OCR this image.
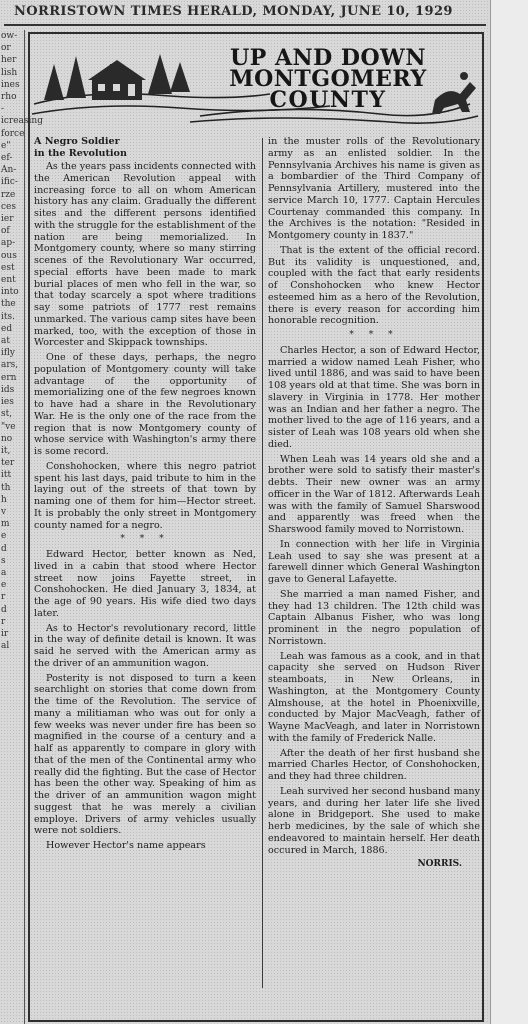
NORRISTOWN TIMES HERALD, MONDAY, JUNE 10, 1929
ow-
or
her
lish
ines
rho
-
icreasing
force
e"
ef-
An-
ific-
rze
ces
ier
of
ap-
ous
est
ent
into
the
its.
ed
at
ifly
ars,
ern
ids
ies
st,
"ve
no
it,
ter
itt
th
h
v
m
e
d
s
a
e
r
d
r
ir
al
UP AND DOWN
MONTGOMERY
COUNTY
A Negro Soldier
in the Revolution

As the years pass incidents connected with the American Revolution appeal with increasing force to all on whom American history has any claim. Gradually the different sites and the different persons identified with the struggle for the establishment of the nation are being memorialized. In Montgomery county, where so many stirring scenes of the Revolutionary War occurred, special efforts have been made to mark burial places of men who fell in the war, so that today scarcely a spot where traditions say some patriots of 1777 rest remains unmarked. The various camp sites have been marked, too, with the exception of those in Worcester and Skippack townships.

One of these days, perhaps, the negro population of Montgomery county will take advantage of the opportunity of memorializing one of the few negroes known to have had a share in the Revolutionary War. He is the only one of the race from the region that is now Montgomery county of whose service with Washington's army there is some record.

Conshohocken, where this negro patriot spent his last days, paid tribute to him in the laying out of the streets of that town by naming one of them for him—Hector street. It is probably the only street in Montgomery county named for a negro.

* * *

Edward Hector, better known as Ned, lived in a cabin that stood where Hector street now joins Fayette street, in Conshohocken. He died January 3, 1834, at the age of 90 years. His wife died two days later.

As to Hector's revolutionary record, little in the way of definite detail is known. It was said he served with the American army as the driver of an ammunition wagon.

Posterity is not disposed to turn a keen searchlight on stories that come down from the time of the Revolution. The service of many a militiaman who was out for only a few weeks was never under fire has been so magnified in the course of a century and a half as apparently to compare in glory with that of the men of the Continental army who really did the fighting. But the case of Hector has been the other way. Speaking of him as the driver of an ammunition wagon might suggest that he was merely a civilian employe. Drivers of army vehicles usually were not soldiers.

However Hector's name appears

in the muster rolls of the Revolutionary army as an enlisted soldier. In the Pennsylvania Archives his name is given as a bombardier of the Third Company of Pennsylvania Artillery, mustered into the service March 10, 1777. Captain Hercules Courtenay commanded this company. In the Archives is the notation: "Resided in Montgomery county in 1837."

That is the extent of the official record. But its validity is unquestioned, and, coupled with the fact that early residents of Conshohocken who knew Hector esteemed him as a hero of the Revolution, there is every reason for according him honorable recognition.

* * *

Charles Hector, a son of Edward Hector, married a widow named Leah Fisher, who lived until 1886, and was said to have been 108 years old at that time. She was born in slavery in Virginia in 1778. Her mother was an Indian and her father a negro. The mother lived to the age of 116 years, and a sister of Leah was 108 years old when she died.

When Leah was 14 years old she and a brother were sold to satisfy their master's debts. Their new owner was an army officer in the War of 1812. Afterwards Leah was with the family of Samuel Sharswood and apparently was freed when the Sharswood family moved to Norristown.

In connection with her life in Virginia Leah used to say she was present at a farewell dinner which General Washington gave to General Lafayette.

She married a man named Fisher, and they had 13 children. The 12th child was Captain Albanus Fisher, who was long prominent in the negro population of Norristown.

Leah was famous as a cook, and in that capacity she served on Hudson River steamboats, in New Orleans, in Washington, at the Montgomery County Almshouse, at the hotel in Phoenixville, conducted by Major MacVeagh, father of Wayne MacVeagh, and later in Norristown with the family of Frederick Nalle.

After the death of her first husband she married Charles Hector, of Conshohocken, and they had three children.

Leah survived her second husband many years, and during her later life she lived alone in Bridgeport. She used to make herb medicines, by the sale of which she endeavored to maintain herself. Her death occured in March, 1886.

NORRIS.
